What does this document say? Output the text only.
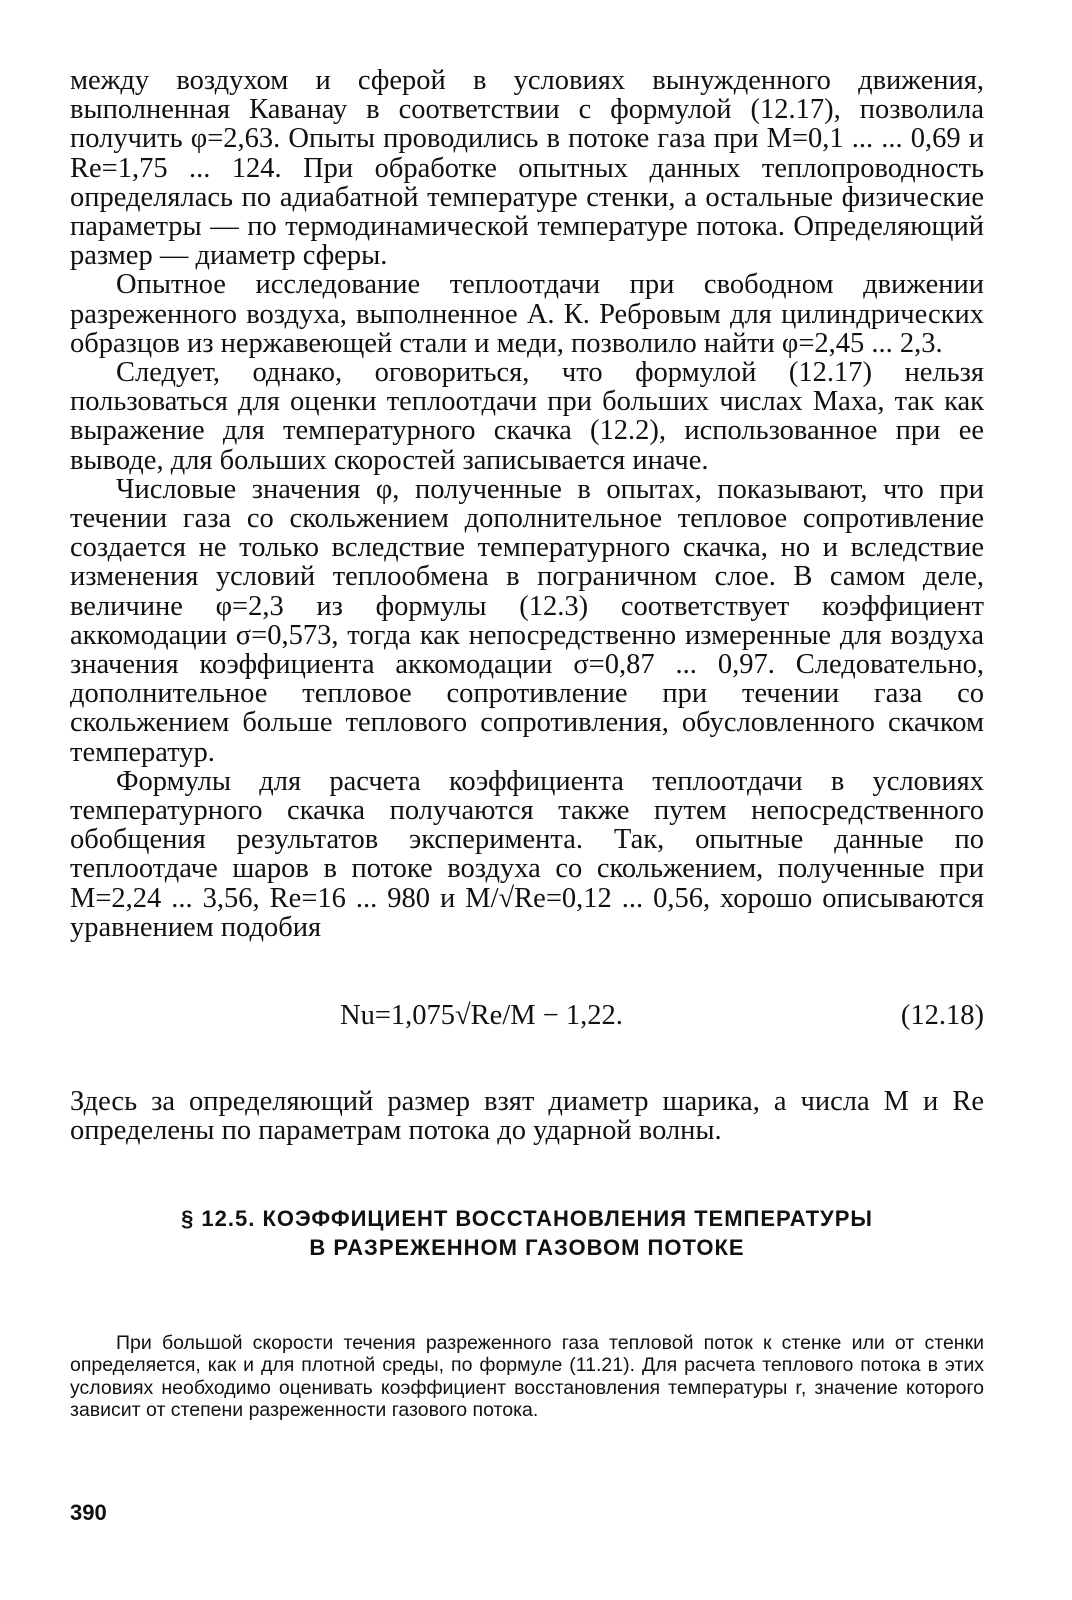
между воздухом и сферой в условиях вынужденного движения, выполненная Кавaнау в соответствии с формулой (12.17), позволила получить φ=2,63. Опыты проводились в потоке газа при M=0,1 ... ... 0,69 и Re=1,75 ... 124. При обработке опытных данных теплопроводность определялась по адиабатной температуре стенки, а остальные физические параметры — по термодинамической температуре потока. Определяющий размер — диаметр сферы.

Опытное исследование теплоотдачи при свободном движении разреженного воздуха, выполненное А. К. Ребровым для цилиндрических образцов из нержавеющей стали и меди, позволило найти φ=2,45 ... 2,3.

Следует, однако, оговориться, что формулой (12.17) нельзя пользоваться для оценки теплоотдачи при больших числах Маха, так как выражение для температурного скачка (12.2), использованное при ее выводе, для больших скоростей записывается иначе.

Числовые значения φ, полученные в опытах, показывают, что при течении газа со скольжением дополнительное тепловое сопротивление создается не только вследствие температурного скачка, но и вследствие изменения условий теплообмена в пограничном слое. В самом деле, величине φ=2,3 из формулы (12.3) соответствует коэффициент аккомодации σ=0,573, тогда как непосредственно измеренные для воздуха значения коэффициента аккомодации σ=0,87 ... 0,97. Следовательно, дополнительное тепловое сопротивление при течении газа со скольжением больше теплового сопротивления, обусловленного скачком температур.

Формулы для расчета коэффициента теплоотдачи в условиях температурного скачка получаются также путем непосредственного обобщения результатов эксперимента. Так, опытные данные по теплоотдаче шаров в потоке воздуха со скольжением, полученные при M=2,24 ... 3,56, Re=16 ... 980 и M/√Re=0,12 ... 0,56, хорошо описываются уравнением подобия

Nu=1,075√Re/M − 1,22.	(12.18)

Здесь за определяющий размер взят диаметр шарика, а числа M и Re определены по параметрам потока до ударной волны.

§ 12.5. КОЭФФИЦИЕНТ ВОССТАНОВЛЕНИЯ ТЕМПЕРАТУРЫ
В РАЗРЕЖЕННОМ ГАЗОВОМ ПОТОКЕ

При большой скорости течения разреженного газа тепловой поток к стенке или от стенки определяется, как и для плотной среды, по формуле (11.21). Для расчета теплового потока в этих условиях необходимо оценивать коэффициент восстановления температуры r, значение которого зависит от степени разреженности газового потока.

390
